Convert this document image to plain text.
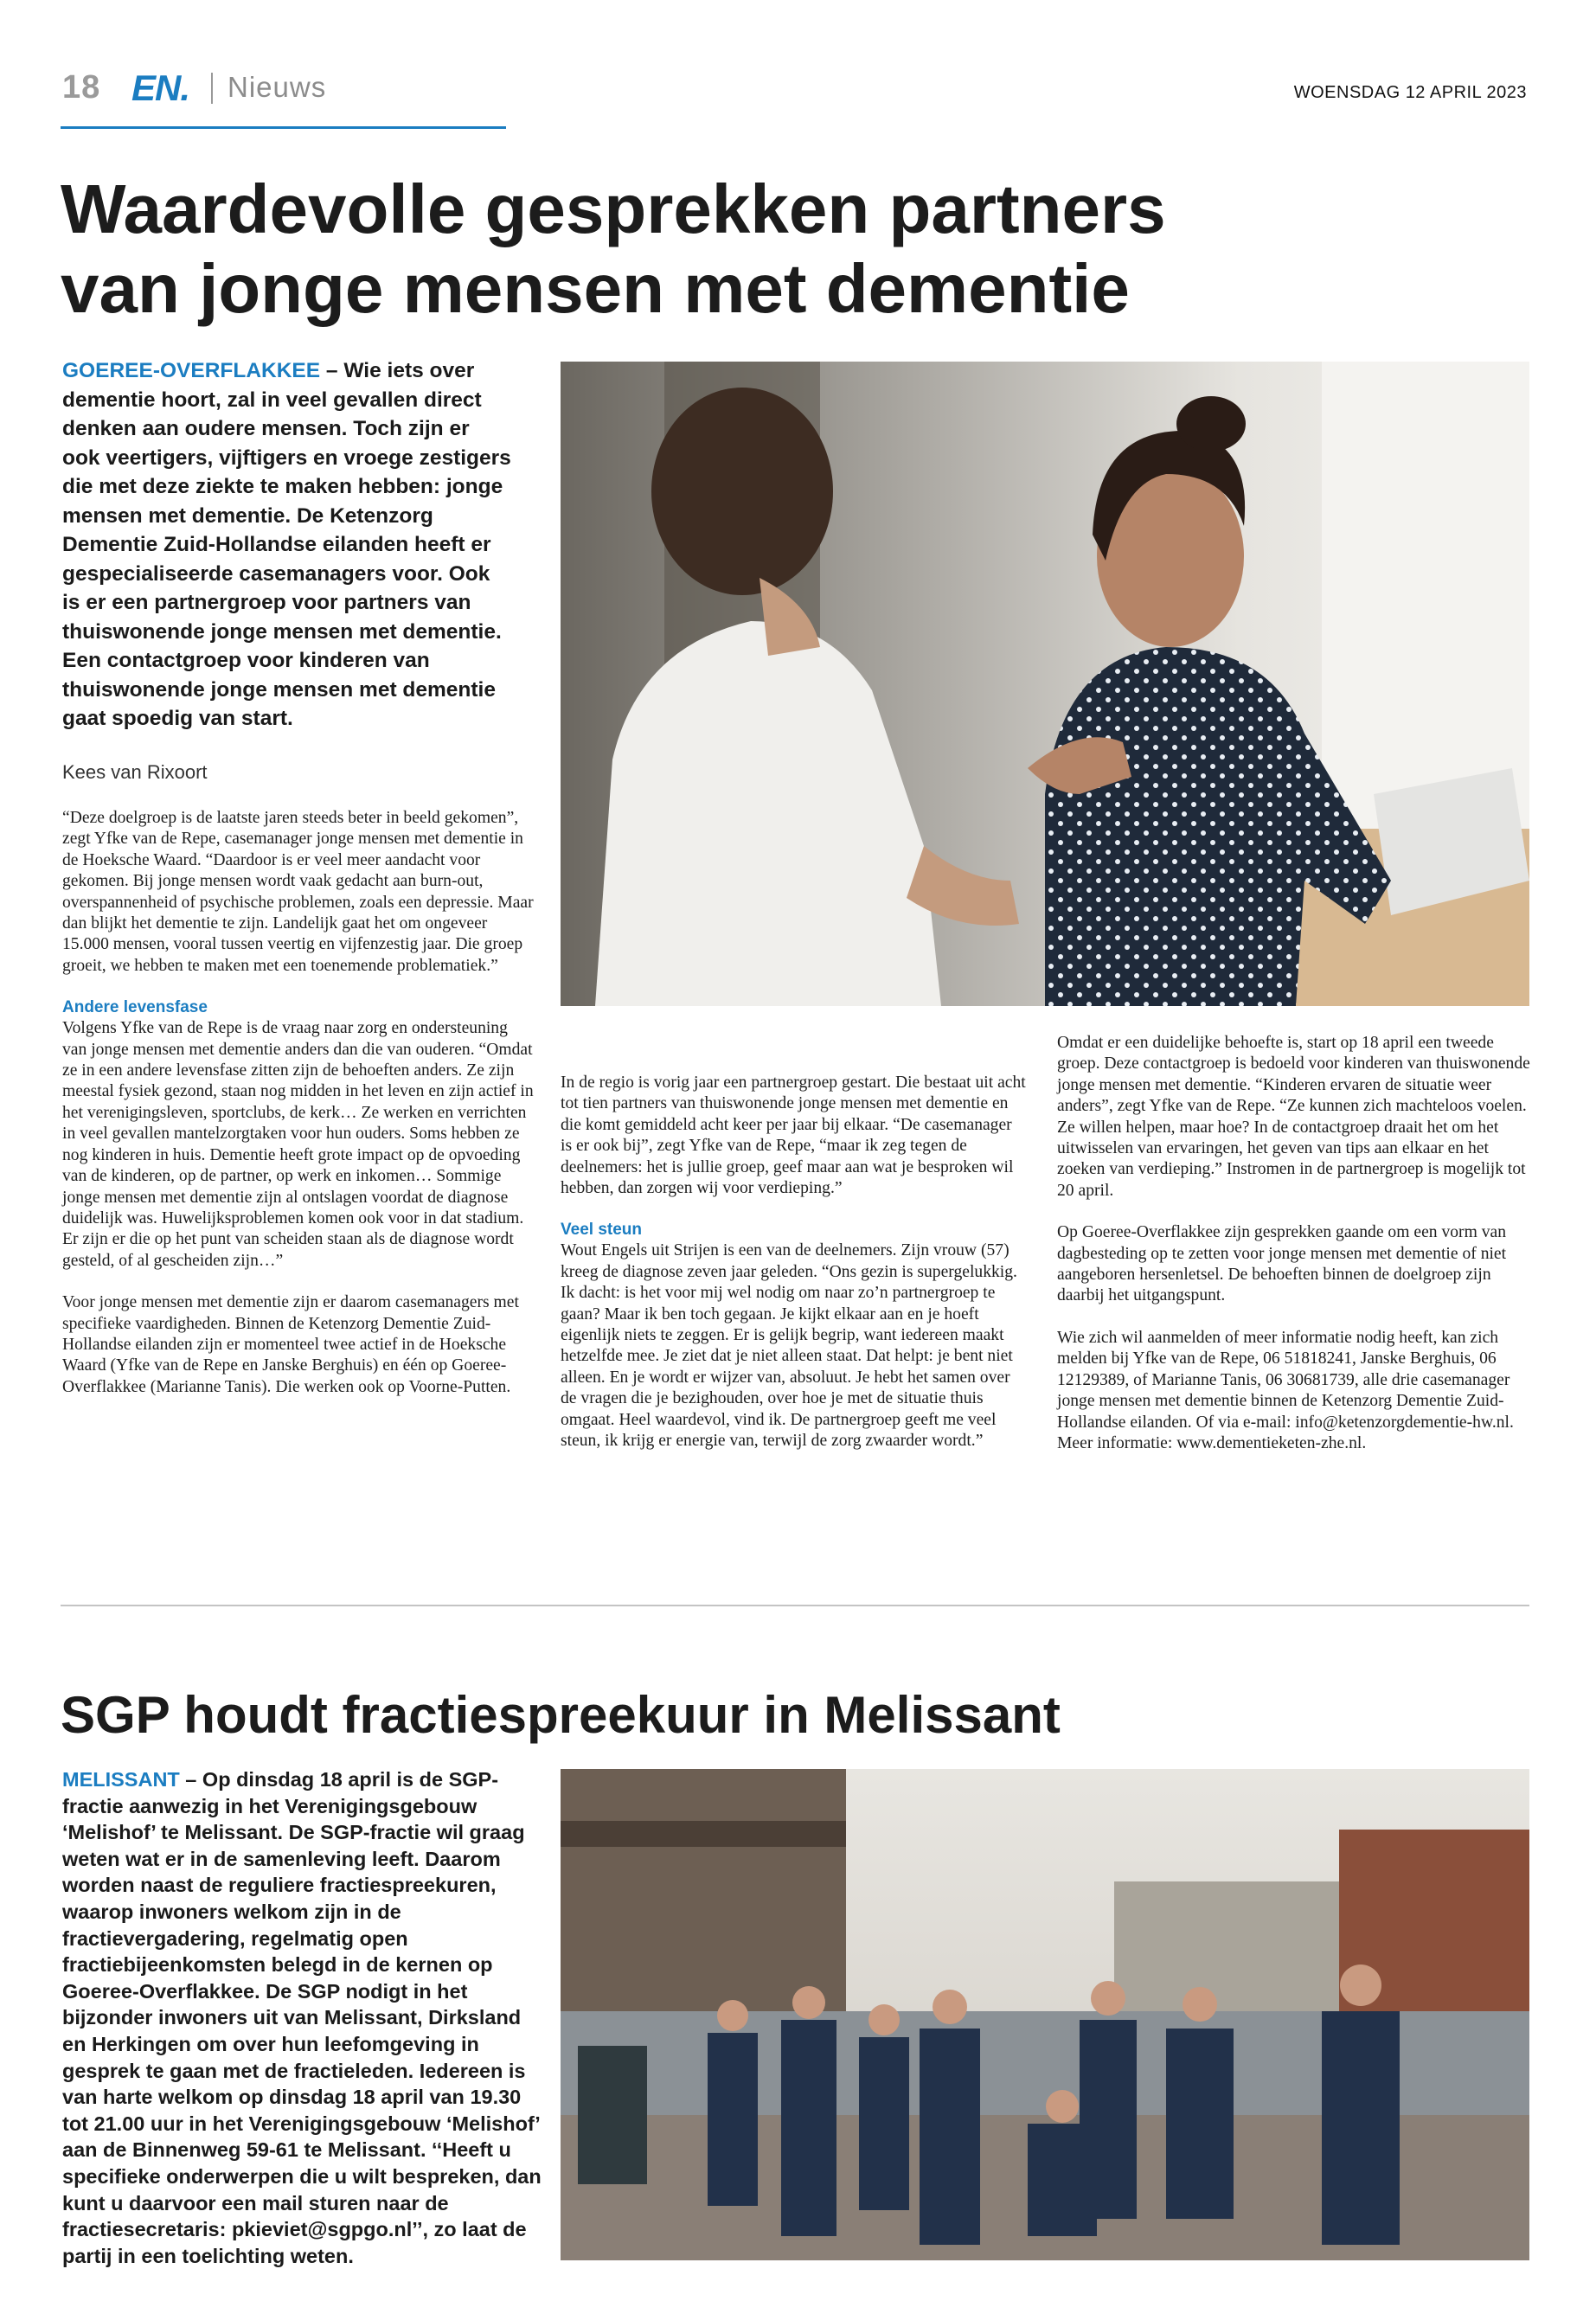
18 EN. Nieuws	WOENSDAG 12 APRIL 2023
Waardevolle gesprekken partners
van jonge mensen met dementie
GOEREE-OVERFLAKKEE – Wie iets over dementie hoort, zal in veel gevallen direct denken aan oudere mensen. Toch zijn er ook veertigers, vijftigers en vroege zestigers die met deze ziekte te maken hebben: jonge mensen met dementie. De Ketenzorg Dementie Zuid-Hollandse eilanden heeft er gespecialiseerde casemanagers voor. Ook is er een partnergroep voor partners van thuiswonende jonge mensen met dementie. Een contactgroep voor kinderen van thuiswonende jonge mensen met dementie gaat spoedig van start.
Kees van Rixoort

“Deze doelgroep is de laatste jaren steeds beter in beeld gekomen”, zegt Yfke van de Repe, casemanager jonge mensen met dementie in de Hoeksche Waard. “Daardoor is er veel meer aandacht voor gekomen. Bij jonge mensen wordt vaak gedacht aan burn-out, overspannenheid of psychische problemen, zoals een depressie. Maar dan blijkt het dementie te zijn. Landelijk gaat het om ongeveer 15.000 mensen, vooral tussen veertig en vijfenzestig jaar. Die groep groeit, we hebben te maken met een toenemende problematiek.”

Andere levensfase

Volgens Yfke van de Repe is de vraag naar zorg en ondersteuning van jonge mensen met dementie anders dan die van ouderen. “Omdat ze in een andere levensfase zitten zijn de behoeften anders. Ze zijn meestal fysiek gezond, staan nog midden in het leven en zijn actief in het verenigingsleven, sportclubs, de kerk… Ze werken en verrichten in veel gevallen mantelzorgtaken voor hun ouders. Soms hebben ze nog kinderen in huis. Dementie heeft grote impact op de opvoeding van de kinderen, op de partner, op werk en inkomen… Sommige jonge mensen met dementie zijn al ontslagen voordat de diagnose duidelijk was. Huwelijksproblemen komen ook voor in dat stadium. Er zijn er die op het punt van scheiden staan als de diagnose wordt gesteld, of al gescheiden zijn…”

Voor jonge mensen met dementie zijn er daarom casemanagers met specifieke vaardigheden. Binnen de Ketenzorg Dementie Zuid-Hollandse eilanden zijn er momenteel twee actief in de Hoeksche Waard (Yfke van de Repe en Janske Berghuis) en één op Goeree-Overflakkee (Marianne Tanis). Die werken ook op Voorne-Putten.

In de regio is vorig jaar een partnergroep gestart. Die bestaat uit acht tot tien partners van thuiswonende jonge mensen met dementie en die komt gemiddeld acht keer per jaar bij elkaar. “De casemanager is er ook bij”, zegt Yfke van de Repe, “maar ik zeg tegen de deelnemers: het is jullie groep, geef maar aan wat je besproken wil hebben, dan zorgen wij voor verdieping.”

Veel steun

Wout Engels uit Strijen is een van de deelnemers. Zijn vrouw (57) kreeg de diagnose zeven jaar geleden. “Ons gezin is supergelukkig. Ik dacht: is het voor mij wel nodig om naar zo’n partnergroep te gaan? Maar ik ben toch gegaan. Je kijkt elkaar aan en je hoeft eigenlijk niets te zeggen. Er is gelijk begrip, want iedereen maakt hetzelfde mee. Je ziet dat je niet alleen staat. Dat helpt: je bent niet alleen. En je wordt er wijzer van, absoluut. Je hebt het samen over de vragen die je bezighouden, over hoe je met de situatie thuis omgaat. Heel waardevol, vind ik. De partnergroep geeft me veel steun, ik krijg er energie van, terwijl de zorg zwaarder wordt.”

Omdat er een duidelijke behoefte is, start op 18 april een tweede groep. Deze contactgroep is bedoeld voor kinderen van thuiswonende jonge mensen met dementie. “Kinderen ervaren de situatie weer anders”, zegt Yfke van de Repe. “Ze kunnen zich machteloos voelen. Ze willen helpen, maar hoe? In de contactgroep draait het om het uitwisselen van ervaringen, het geven van tips aan elkaar en het zoeken van verdieping.” Instromen in de partnergroep is mogelijk tot 20 april.

Op Goeree-Overflakkee zijn gesprekken gaande om een vorm van dagbesteding op te zetten voor jonge mensen met dementie of niet aangeboren hersenletsel. De behoeften binnen de doelgroep zijn daarbij het uitgangspunt.

Wie zich wil aanmelden of meer informatie nodig heeft, kan zich melden bij Yfke van de Repe, 06 51818241, Janske Berghuis, 06 12129389, of Marianne Tanis, 06 30681739, alle drie casemanager jonge mensen met dementie binnen de Ketenzorg Dementie Zuid-Hollandse eilanden. Of via e-mail: info@ketenzorgdementie-hw.nl. Meer informatie: www.dementieketen-zhe.nl.

SGP houdt fractiespreekuur in Melissant
MELISSANT – Op dinsdag 18 april is de SGP-fractie aanwezig in het Verenigingsgebouw ‘Melishof’ te Melissant. De SGP-fractie wil graag weten wat er in de samenleving leeft. Daarom worden naast de reguliere fractiespreekuren, waarop inwoners welkom zijn in de fractievergadering, regelmatig open fractiebijeenkomsten belegd in de kernen op Goeree-Overflakkee. De SGP nodigt in het bijzonder inwoners uit van Melissant, Dirksland en Herkingen om over hun leefomgeving in gesprek te gaan met de fractieleden. Iedereen is van harte welkom op dinsdag 18 april van 19.30 tot 21.00 uur in het Verenigingsgebouw ‘Melishof’ aan de Binnenweg 59-61 te Melissant. ‘‘Heeft u specifieke onderwerpen die u wilt bespreken, dan kunt u daarvoor een mail sturen naar de fractiesecretaris: pkieviet@sgpgo.nl’’, zo laat de partij in een toelichting weten.
